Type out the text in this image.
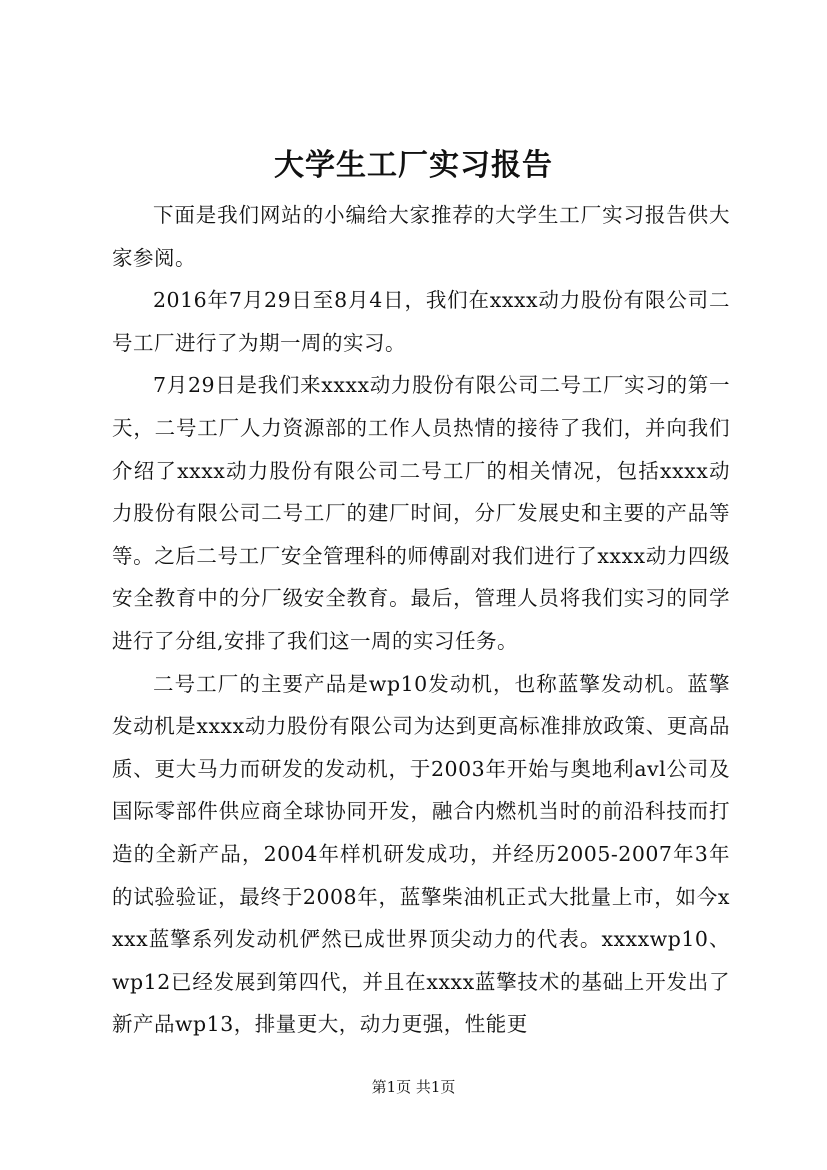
大学生工厂实习报告

下面是我们网站的小编给大家推荐的大学生工厂实习报告供大家参阅。

2016年7月29日至8月4日，我们在xxxx动力股份有限公司二号工厂进行了为期一周的实习。

7月29日是我们来xxxx动力股份有限公司二号工厂实习的第一天，二号工厂人力资源部的工作人员热情的接待了我们，并向我们介绍了xxxx动力股份有限公司二号工厂的相关情况，包括xxxx动力股份有限公司二号工厂的建厂时间，分厂发展史和主要的产品等等。之后二号工厂安全管理科的师傅副对我们进行了xxxx动力四级安全教育中的分厂级安全教育。最后，管理人员将我们实习的同学进行了分组,安排了我们这一周的实习任务。

二号工厂的主要产品是wp10发动机，也称蓝擎发动机。蓝擎发动机是xxxx动力股份有限公司为达到更高标准排放政策、更高品质、更大马力而研发的发动机，于2003年开始与奥地利avl公司及国际零部件供应商全球协同开发，融合内燃机当时的前沿科技而打造的全新产品，2004年样机研发成功，并经历2005-2007年3年的试验验证，最终于2008年，蓝擎柴油机正式大批量上市，如今xxxx蓝擎系列发动机俨然已成世界顶尖动力的代表。xxxxwp10、wp12已经发展到第四代，并且在xxxx蓝擎技术的基础上开发出了新产品wp13，排量更大，动力更强，性能更

第1页 共1页
